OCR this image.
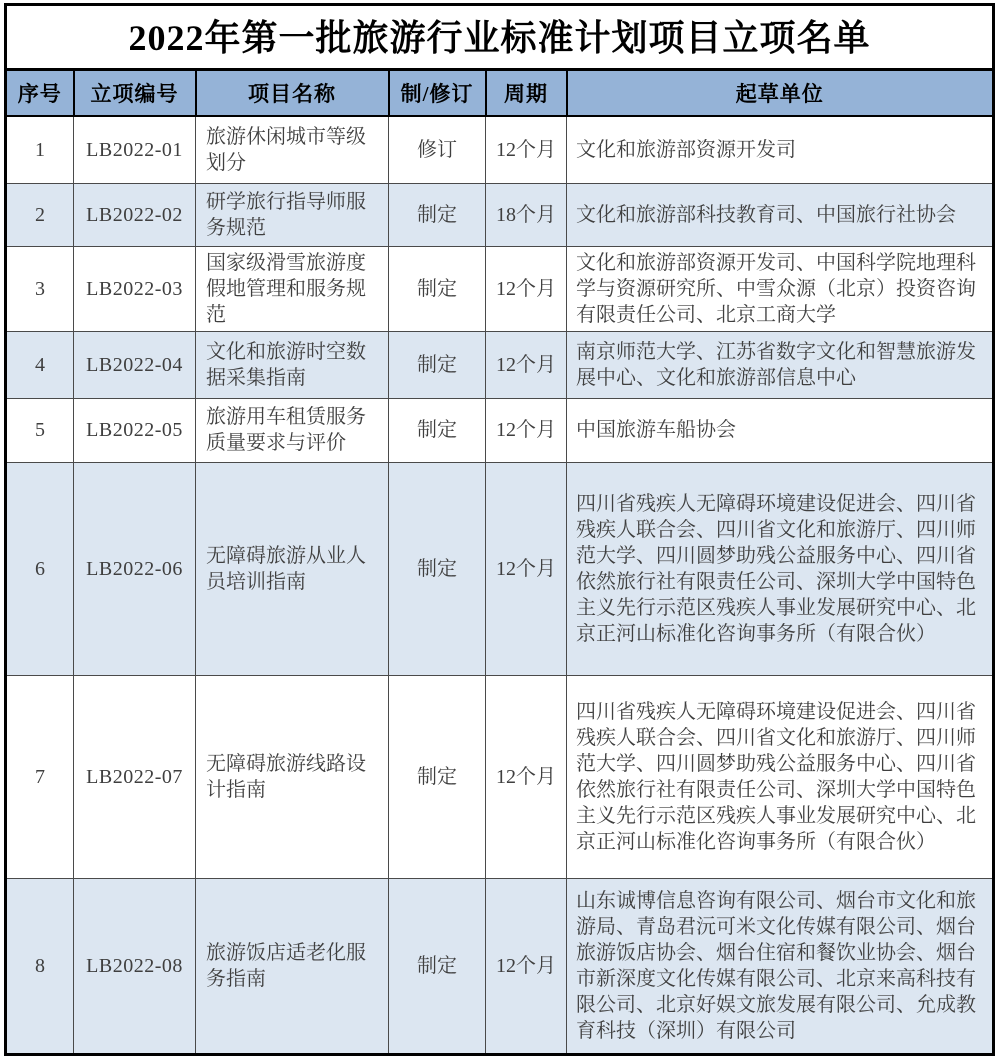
2022年第一批旅游行业标准计划项目立项名单					
序号	立项编号	项目名称	制/修订	周期	起草单位
1	LB2022-01	旅游休闲城市等级划分	修订	12个月	文化和旅游部资源开发司
2	LB2022-02	研学旅行指导师服务规范	制定	18个月	文化和旅游部科技教育司、中国旅行社协会
3	LB2022-03	国家级滑雪旅游度假地管理和服务规范	制定	12个月	文化和旅游部资源开发司、中国科学院地理科学与资源研究所、中雪众源（北京）投资咨询有限责任公司、北京工商大学
4	LB2022-04	文化和旅游时空数据采集指南	制定	12个月	南京师范大学、江苏省数字文化和智慧旅游发展中心、文化和旅游部信息中心
5	LB2022-05	旅游用车租赁服务质量要求与评价	制定	12个月	中国旅游车船协会
6	LB2022-06	无障碍旅游从业人员培训指南	制定	12个月	四川省残疾人无障碍环境建设促进会、四川省残疾人联合会、四川省文化和旅游厅、四川师范大学、四川圆梦助残公益服务中心、四川省依然旅行社有限责任公司、深圳大学中国特色主义先行示范区残疾人事业发展研究中心、北京正河山标准化咨询事务所（有限合伙）
7	LB2022-07	无障碍旅游线路设计指南	制定	12个月	四川省残疾人无障碍环境建设促进会、四川省残疾人联合会、四川省文化和旅游厅、四川师范大学、四川圆梦助残公益服务中心、四川省依然旅行社有限责任公司、深圳大学中国特色主义先行示范区残疾人事业发展研究中心、北京正河山标准化咨询事务所（有限合伙）
8	LB2022-08	旅游饭店适老化服务指南	制定	12个月	山东诚博信息咨询有限公司、烟台市文化和旅游局、青岛君沅可米文化传媒有限公司、烟台旅游饭店协会、烟台住宿和餐饮业协会、烟台市新深度文化传媒有限公司、北京来高科技有限公司、北京好娱文旅发展有限公司、允成教育科技（深圳）有限公司
